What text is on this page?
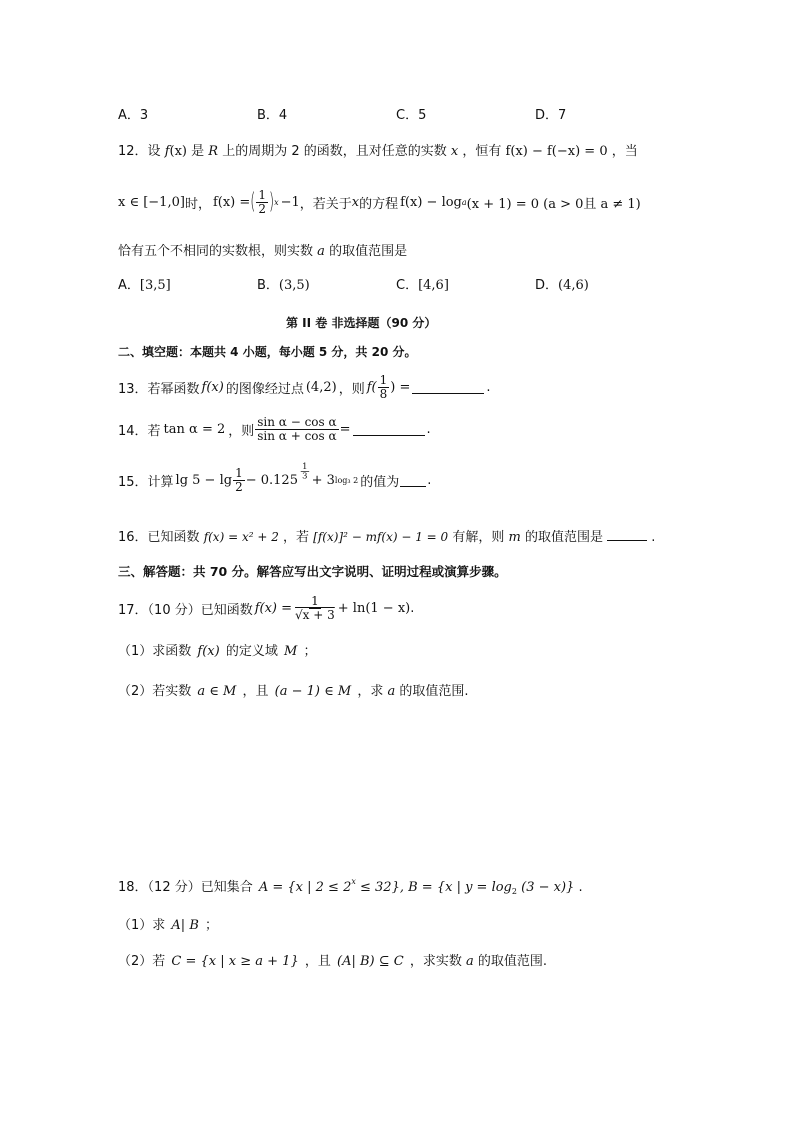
A．3	B．4	C．5	D．7
12．设 f(x) 是 R 上的周期为 2 的函数，且对任意的实数 x ，恒有 f(x) − f(−x) = 0 ，当
x ∈ [−1,0] 时， f(x) = ( $\frac{1}{2}$ ) x −1 ，若关于 x 的方程 f(x) − log a (x + 1) = 0 (a > 0且 a ≠ 1)
恰有五个不相同的实数根，则实数 a 的取值范围是
A．[3,5]	B．(3,5)	C．[4,6]	D．(4,6)
第 II 卷 非选择题（90 分）
二、填空题：本题共 4 小题，每小题 5 分，共 20 分。
13．若幂函数 f(x) 的图像经过点 (4,2) ，则 $f( \frac{1}{8}$ ) =	.
14．若 tan α = 2 ，则 $\frac{\text{sin α − cos α}}{\text{sin α + cos α}}$ =	.
15．计算 $\lg 5 - \lg \frac{1}{2} - 0.125 \frac{1}{3} + 3$ log₃ 2 的值为 .
16．已知函数 f(x) = x² + 2 ，若 [f(x)]² − mf(x) − 1 = 0 有解，则 m 的取值范围是	.
三、解答题：共 70 分。解答应写出文字说明、证明过程或演算步骤。
17．（10 分）已知函数 $f(x) = \frac{1}{√x + 3} + \ln(1 - x)$ .
（1）求函数 f(x) 的定义域 M ；
（2）若实数 a ∈ M ，且 (a − 1) ∈ M ，求 a 的取值范围.
18．（12 分）已知集合 A = {x | $2 \le 2^x \le 32$}, B = {x | $y = \log_2 (3 - x)$} .
（1）求 A| B ；
（2）若 C = {x | x ≥ a + 1} ，且 (A| B) ⊆ C ，求实数 a 的取值范围.
